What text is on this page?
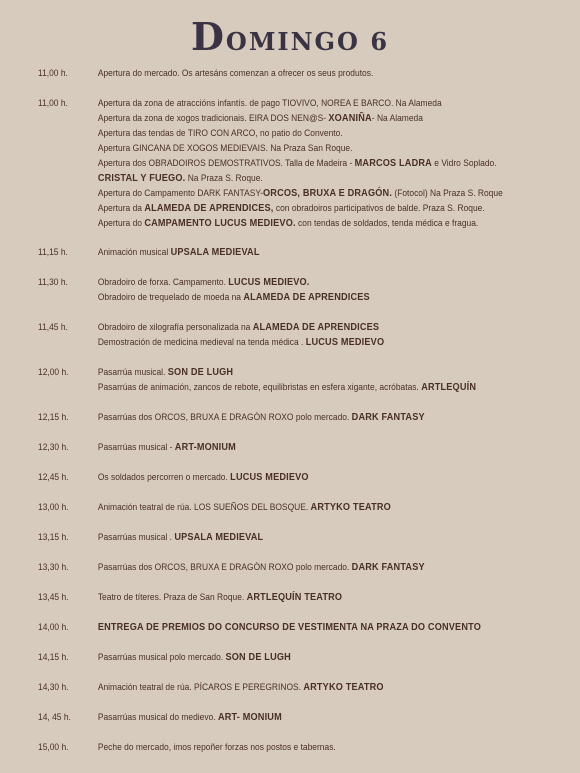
DOMINGO 6
11,00 h.	Apertura do mercado. Os artesáns comenzan a ofrecer os seus produtos.
11,00 h.	Apertura da zona de atraccións infantís. de pago TIOVIVO, NOREA E BARCO. Na Alameda
Apertura da zona de xogos tradicionais. EIRA DOS NEN@S- XOANIÑA- Na Alameda
Apertura das tendas de TIRO CON ARCO, no patio do Convento.
Apertura GINCANA DE XOGOS MEDIEVAIS. Na Praza San Roque.
Apertura dos OBRADOIROS DEMOSTRATIVOS. Talla de Madeira - MARCOS LADRA e Vidro Soplado.
CRISTAL Y FUEGO. Na Praza S. Roque.
Apertura do Campamento DARK FANTASY-ORCOS, BRUXA E DRAGÓN. (Fotocol) Na Praza S. Roque
Apertura da ALAMEDA DE APRENDICES, con obradoiros participativos de balde. Praza S. Roque.
Apertura do CAMPAMENTO LUCUS MEDIEVO. con tendas de soldados, tenda médica e fragua.
11,15 h.	Animación musical UPSALA MEDIEVAL
11,30 h.	Obradoiro de forxa. Campamento. LUCUS MEDIEVO.
Obradoiro de trequelado de moeda na ALAMEDA DE APRENDICES
11,45 h.	Obradoiro de xilografía personalizada na ALAMEDA DE APRENDICES
Demostración de medicina medieval na tenda médica . LUCUS MEDIEVO
12,00 h.	Pasarrúa musical. SON DE LUGH
Pasarrúas de animación, zancos de rebote, equilibristas en esfera xigante, acróbatas. ARTLEQUÍN
12,15 h.	Pasarrúas dos ORCOS, BRUXA E DRAGÓN ROXO polo mercado. DARK FANTASY
12,30 h.	Pasarrúas musical - ART-MONIUM
12,45 h.	Os soldados percorren o mercado. LUCUS MEDIEVO
13,00 h.	Animación teatral de rúa. LOS SUEÑOS DEL BOSQUE. ARTYKO TEATRO
13,15 h.	Pasarrúas musical . UPSALA MEDIEVAL
13,30 h.	Pasarrúas dos ORCOS, BRUXA E DRAGÓN ROXO polo mercado. DARK FANTASY
13,45 h.	Teatro de títeres. Praza de San Roque. ARTLEQUÍN TEATRO
14,00 h.	ENTREGA DE PREMIOS DO CONCURSO DE VESTIMENTA NA PRAZA DO CONVENTO
14,15 h.	Pasarrúas musical polo mercado. SON DE LUGH
14,30 h.	Animación teatral de rúa. PÍCAROS E PEREGRINOS. ARTYKO TEATRO
14, 45 h.	Pasarrúas musical do medievo. ART- MONIUM
15,00 h.	Peche do mercado, imos repoñer forzas nos postos e tabernas.
